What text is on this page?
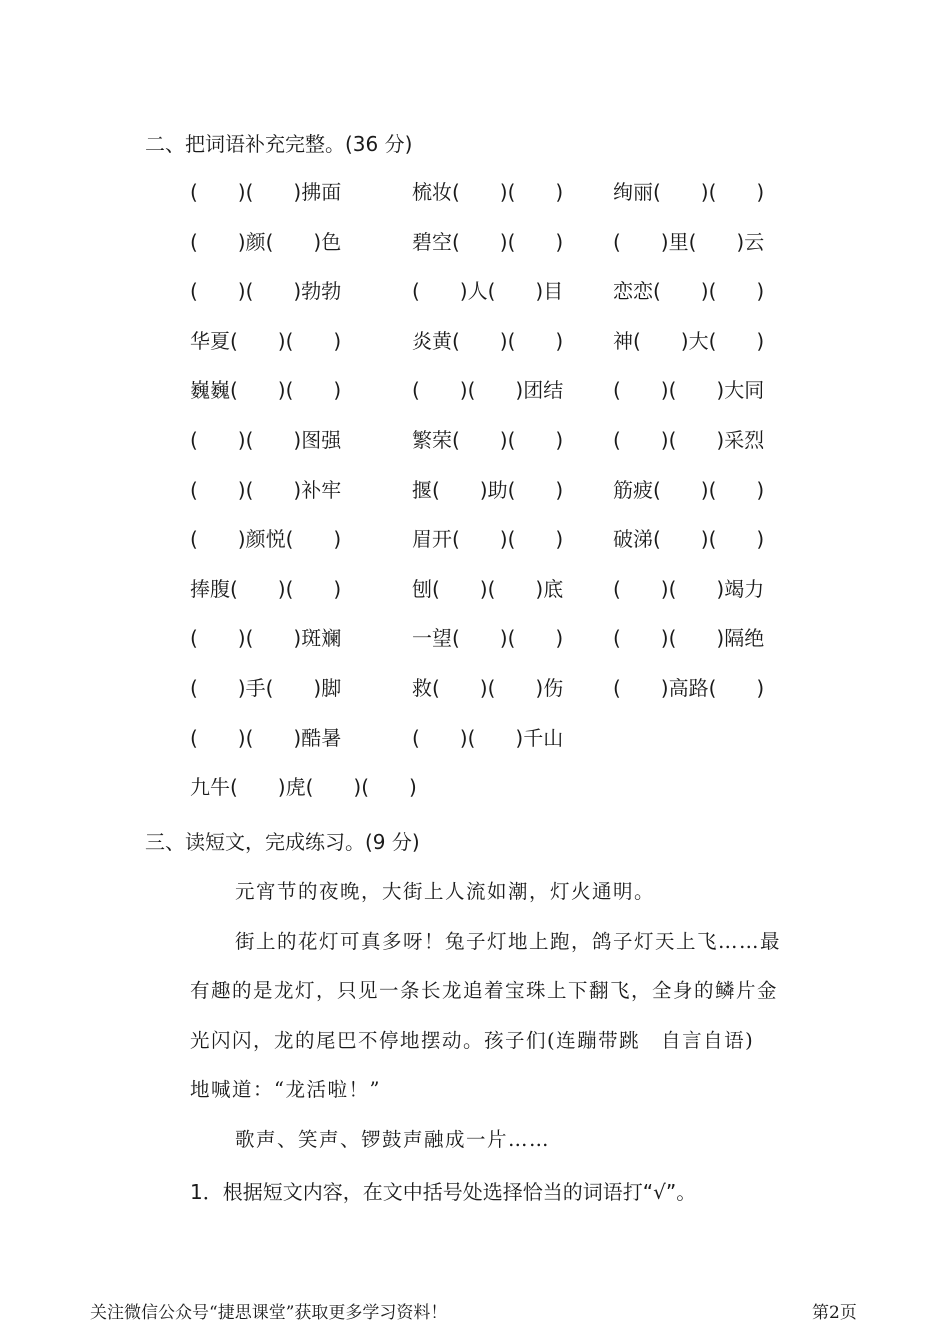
二、把词语补充完整。(36 分)
(　　)(　　)拂面	梳妆(　　)(　　) 绚丽(　　)(　　)
(　　)颜(　　)色	碧空(　　)(　　) (　　)里(　　)云
(　　)(　　)勃勃	(　　)人(　　)目 恋恋(　　)(　　)
华夏(　　)(　　)	炎黄(　　)(　　) 神(　　)大(　　)
巍巍(　　)(　　)	(　　)(　　)团结 (　　)(　　)大同
(　　)(　　)图强	繁荣(　　)(　　) (　　)(　　)采烈
(　　)(　　)补牢	揠(　　)助(　　) 筋疲(　　)(　　)
(　　)颜悦(　　)	眉开(　　)(　　) 破涕(　　)(　　)
捧腹(　　)(　　)	刨(　　)(　　)底 (　　)(　　)竭力
(　　)(　　)斑斓	一望(　　)(　　) (　　)(　　)隔绝
(　　)手(　　)脚	救(　　)(　　)伤 (　　)高路(　　)
(　　)(　　)酷暑	(　　)(　　)千山
九牛(　　)虎(　　)(　　)
三、读短文，完成练习。(9 分)
元宵节的夜晚，大街上人流如潮，灯火通明。
街上的花灯可真多呀！兔子灯地上跑，鸽子灯天上飞……最
有趣的是龙灯，只见一条长龙追着宝珠上下翻飞，全身的鳞片金
光闪闪，龙的尾巴不停地摆动。孩子们(连蹦带跳　自言自语)
地喊道：“龙活啦！”
歌声、笑声、锣鼓声融成一片……
1．根据短文内容，在文中括号处选择恰当的词语打“√”。
关注微信公众号“捷思课堂”获取更多学习资料！	第2页
